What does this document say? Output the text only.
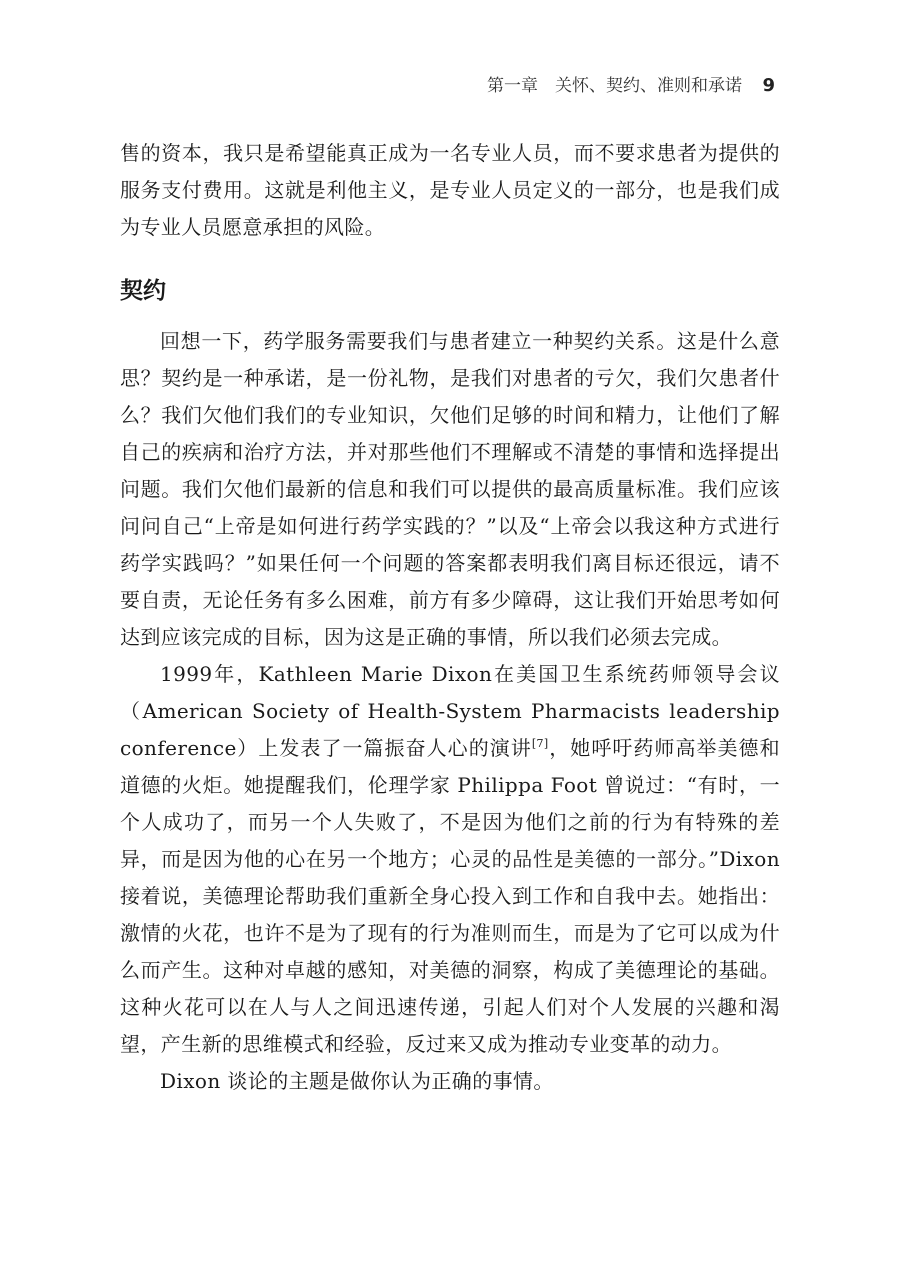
第一章　关怀、契约、准则和承诺 9

售的资本，我只是希望能真正成为一名专业人员，而不要求患者为提供的服务支付费用。这就是利他主义，是专业人员定义的一部分，也是我们成为专业人员愿意承担的风险。

契约

回想一下，药学服务需要我们与患者建立一种契约关系。这是什么意思？契约是一种承诺，是一份礼物，是我们对患者的亏欠，我们欠患者什么？我们欠他们我们的专业知识，欠他们足够的时间和精力，让他们了解自己的疾病和治疗方法，并对那些他们不理解或不清楚的事情和选择提出问题。我们欠他们最新的信息和我们可以提供的最高质量标准。我们应该问问自己“上帝是如何进行药学实践的？”以及“上帝会以我这种方式进行药学实践吗？”如果任何一个问题的答案都表明我们离目标还很远，请不要自责，无论任务有多么困难，前方有多少障碍，这让我们开始思考如何达到应该完成的目标，因为这是正确的事情，所以我们必须去完成。

1999年，Kathleen Marie Dixon在美国卫生系统药师领导会议（American Society of Health-System Pharmacists leadership conference）上发表了一篇振奋人心的演讲[7]，她呼吁药师高举美德和道德的火炬。她提醒我们，伦理学家 Philippa Foot 曾说过：“有时，一个人成功了，而另一个人失败了，不是因为他们之前的行为有特殊的差异，而是因为他的心在另一个地方；心灵的品性是美德的一部分。”Dixon 接着说，美德理论帮助我们重新全身心投入到工作和自我中去。她指出：激情的火花，也许不是为了现有的行为准则而生，而是为了它可以成为什么而产生。这种对卓越的感知，对美德的洞察，构成了美德理论的基础。这种火花可以在人与人之间迅速传递，引起人们对个人发展的兴趣和渴望，产生新的思维模式和经验，反过来又成为推动专业变革的动力。

Dixon 谈论的主题是做你认为正确的事情。
